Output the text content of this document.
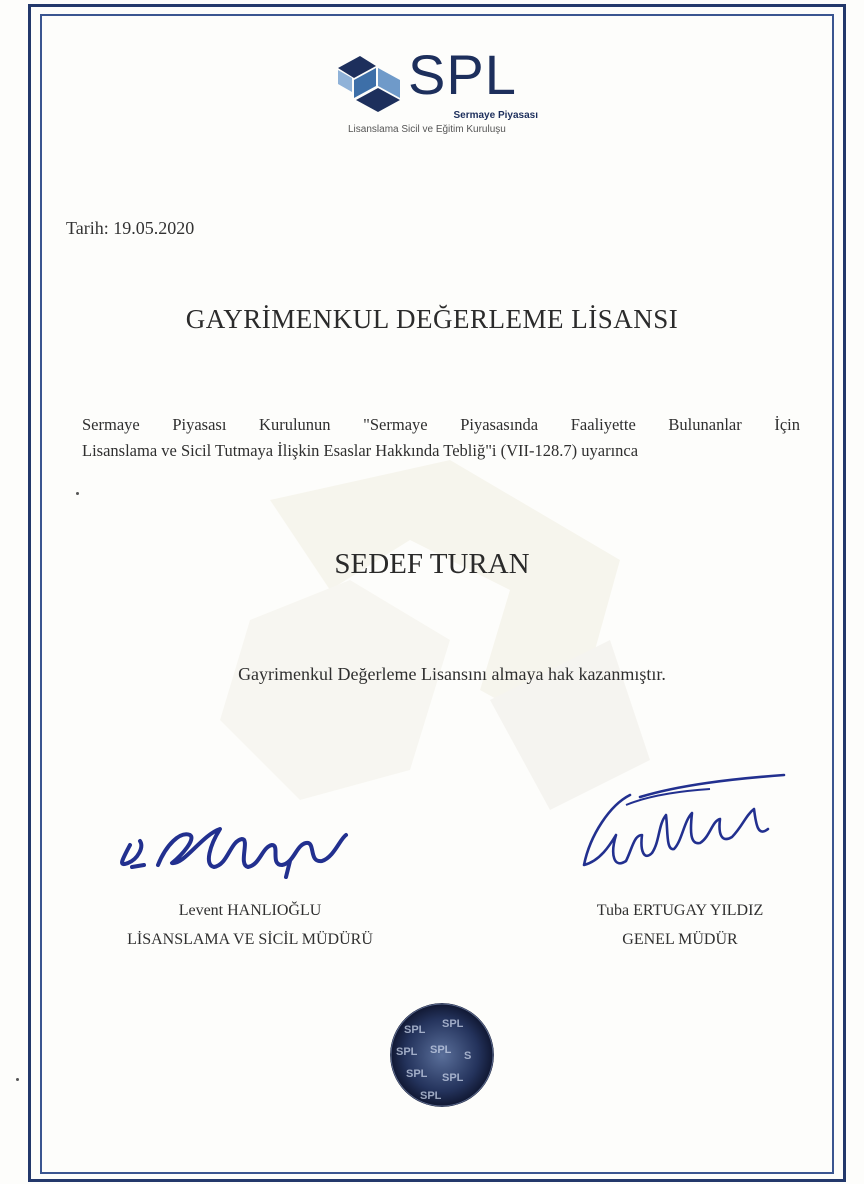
SPL
Sermaye Piyasası
Lisanslama Sicil ve Eğitim Kuruluşu
Tarih: 19.05.2020
GAYRİMENKUL DEĞERLEME LİSANSI
Sermaye Piyasası Kurulunun "Sermaye Piyasasında Faaliyette Bulunanlar İçin
Lisanslama ve Sicil Tutmaya İlişkin Esaslar Hakkında Tebliğ"i (VII-128.7) uyarınca
SEDEF TURAN
Gayrimenkul Değerleme Lisansını almaya hak kazanmıştır.
Levent HANLIOĞLU
LİSANSLAMA VE SİCİL MÜDÜRÜ
Tuba ERTUGAY YILDIZ
GENEL MÜDÜR
SPL SPL
SPL SPL S
SPL SPL
SPL
